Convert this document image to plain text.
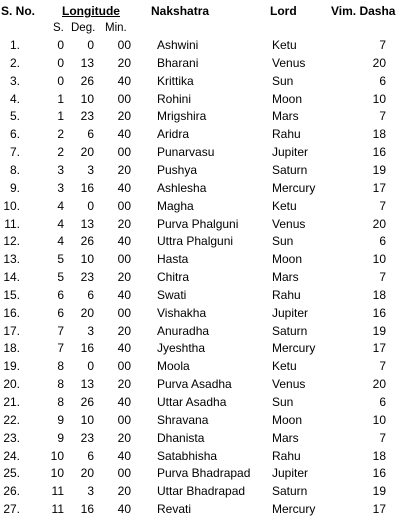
S. No. Longitude	Nakshatra	Lord	Vim. Dasha
S. Deg. Min.
1.	0	0	00 Ashwini	Ketu	7
2.	0	13	20 Bharani	Venus	20
3.	0	26	40 Krittika	Sun	6
4.	1	10	00 Rohini	Moon	10
5.	1	23	20 Mrigshira	Mars	7
6.	2	6	40 Aridra	Rahu	18
7.	2	20	00 Punarvasu	Jupiter	16
8.	3	3	20 Pushya	Saturn	19
9.	3	16	40 Ashlesha	Mercury	17
10.	4	0	00 Magha	Ketu	7
11.	4	13	20 Purva Phalguni	Venus	20
12.	4	26	40 Uttra Phalguni	Sun	6
13.	5	10	00 Hasta	Moon	10
14.	5	23	20 Chitra	Mars	7
15.	6	6	40 Swati	Rahu	18
16.	6	20	00 Vishakha	Jupiter	16
17.	7	3	20 Anuradha	Saturn	19
18.	7	16	40 Jyeshtha	Mercury	17
19.	8	0	00 Moola	Ketu	7
20.	8	13	20 Purva Asadha	Venus	20
21.	8	26	40 Uttar Asadha	Sun	6
22.	9	10	00 Shravana	Moon	10
23.	9	23	20 Dhanista	Mars	7
24.	10	6	40 Satabhisha	Rahu	18
25.	10	20	00 Purva Bhadrapad	Jupiter	16
26.	11	3	20 Uttar Bhadrapad	Saturn	19
27.	11	16	40 Revati	Mercury	17
